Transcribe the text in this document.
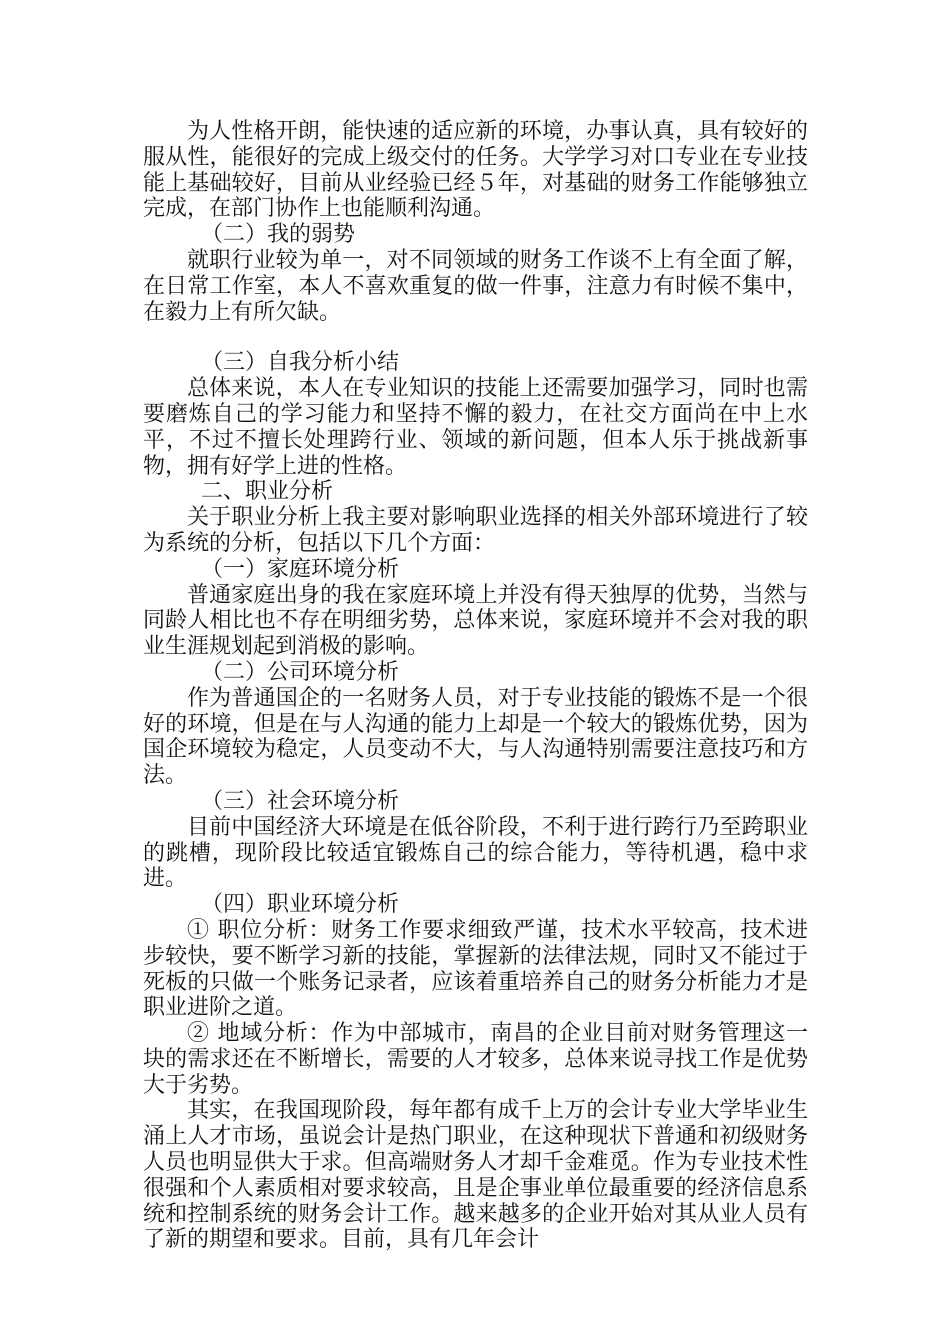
为人性格开朗，能快速的适应新的环境，办事认真，具有较好的服从性，能很好的完成上级交付的任务。大学学习对口专业在专业技能上基础较好，目前从业经验已经５年，对基础的财务工作能够独立完成，在部门协作上也能顺利沟通。

（二）我的弱势

就职行业较为单一，对不同领域的财务工作谈不上有全面了解，在日常工作室，本人不喜欢重复的做一件事，注意力有时候不集中，在毅力上有所欠缺。

（三）自我分析小结

总体来说，本人在专业知识的技能上还需要加强学习，同时也需要磨炼自己的学习能力和坚持不懈的毅力，在社交方面尚在中上水平，不过不擅长处理跨行业、领域的新问题，但本人乐于挑战新事物，拥有好学上进的性格。

二、职业分析

关于职业分析上我主要对影响职业选择的相关外部环境进行了较为系统的分析，包括以下几个方面：

（一）家庭环境分析

普通家庭出身的我在家庭环境上并没有得天独厚的优势，当然与同龄人相比也不存在明细劣势，总体来说，家庭环境并不会对我的职业生涯规划起到消极的影响。

（二）公司环境分析

作为普通国企的一名财务人员，对于专业技能的锻炼不是一个很好的环境，但是在与人沟通的能力上却是一个较大的锻炼优势，因为国企环境较为稳定，人员变动不大，与人沟通特别需要注意技巧和方法。

（三）社会环境分析

目前中国经济大环境是在低谷阶段，不利于进行跨行乃至跨职业的跳槽，现阶段比较适宜锻炼自己的综合能力，等待机遇，稳中求进。

（四）职业环境分析

① 职位分析：财务工作要求细致严谨，技术水平较高，技术进步较快，要不断学习新的技能，掌握新的法律法规，同时又不能过于死板的只做一个账务记录者，应该着重培养自己的财务分析能力才是职业进阶之道。

② 地域分析：作为中部城市，南昌的企业目前对财务管理这一块的需求还在不断增长，需要的人才较多，总体来说寻找工作是优势大于劣势。

其实，在我国现阶段，每年都有成千上万的会计专业大学毕业生涌上人才市场，虽说会计是热门职业，在这种现状下普通和初级财务人员也明显供大于求。但高端财务人才却千金难觅。作为专业技术性很强和个人素质相对要求较高，且是企事业单位最重要的经济信息系统和控制系统的财务会计工作。越来越多的企业开始对其从业人员有了新的期望和要求。目前，具有几年会计
